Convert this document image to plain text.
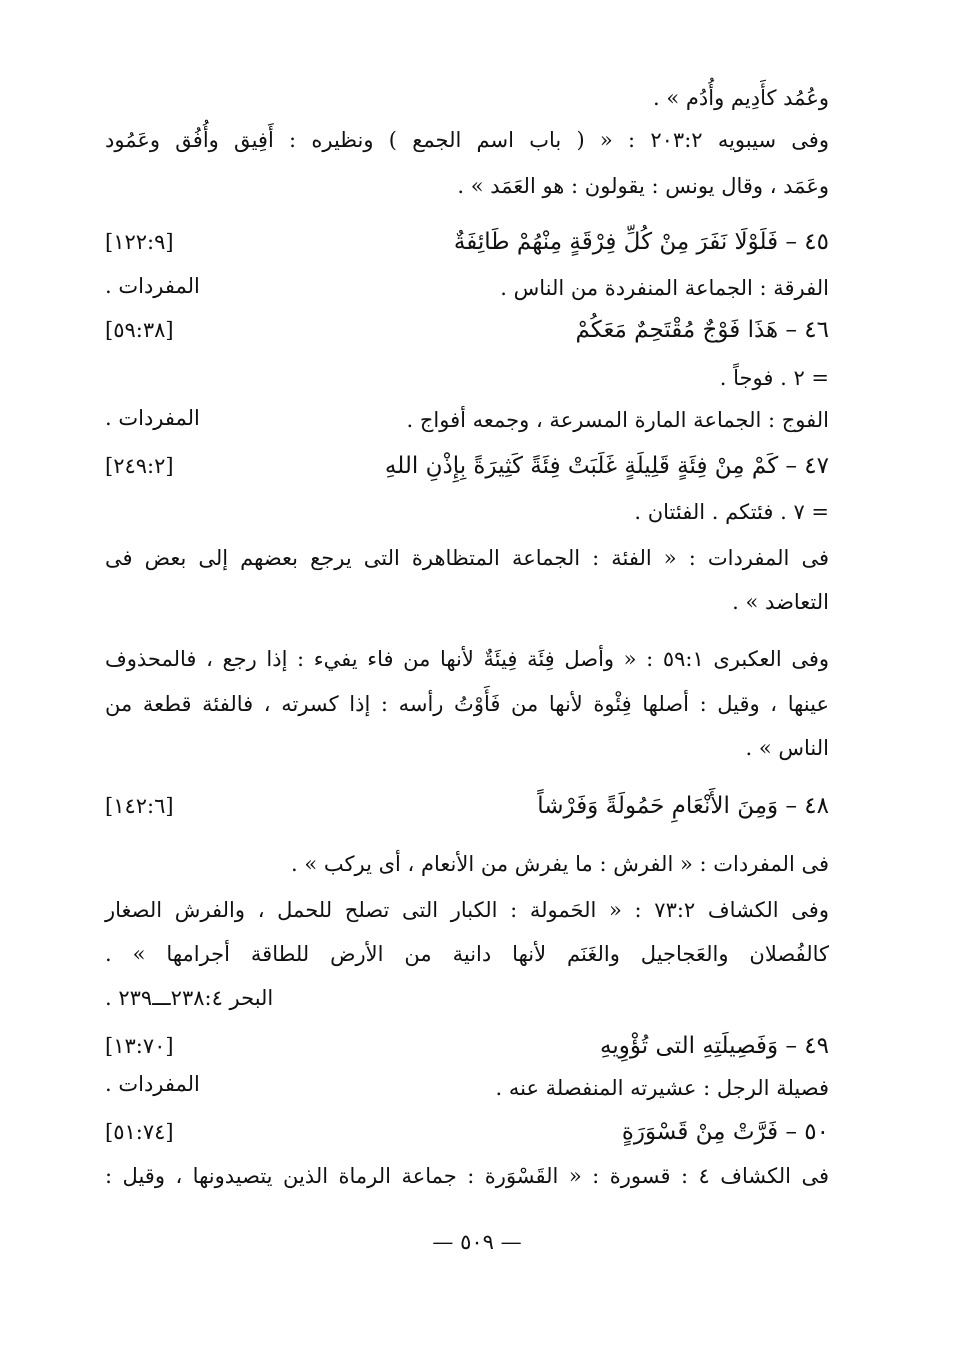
وعُمُد كأَدِيم وأُدُم » .
وفى سيبويه ٢٠٣:٢ : « ( باب اسم الجمع ) ونظيره : أَفِيق وأُفُق وعَمُود
وعَمَد ، وقال يونس : يقولون : هو العَمَد » .
٤٥ – فَلَوْلَا نَفَرَ مِنْ كُلِّ فِرْقَةٍ مِنْهُمْ طَائِفَةٌ
[١٢٢:٩]
الفرقة : الجماعة المنفردة من الناس .
المفردات .
٤٦ – هَذَا فَوْجٌ مُقْتَحِمٌ مَعَكُمْ
[٥٩:٣٨]
= ٢ . فوجاً .
الفوج : الجماعة المارة المسرعة ، وجمعه أفواج .
المفردات .
٤٧ – كَمْ مِنْ فِئَةٍ قَلِيلَةٍ غَلَبَتْ فِئَةً كَثِيرَةً بِإِذْنِ اللهِ
[٢٤٩:٢]
= ٧ . فئتكم . الفئتان .
فى المفردات : « الفئة : الجماعة المتظاهرة التى يرجع بعضهم إلى بعض فى
التعاضد » .
وفى العكبرى ٥٩:١ : « وأصل فِئَة فِيئَةٌ لأنها من فاء يفيء : إذا رجع ، فالمحذوف
عينها ، وقيل : أصلها فِئْوة لأنها من فَأَوْتُ رأسه : إذا كسرته ، فالفئة قطعة من
الناس » .
٤٨ – وَمِنَ الأَنْعَامِ حَمُولَةً وَفَرْشاً
[١٤٢:٦]
فى المفردات : « الفرش : ما يفرش من الأنعام ، أى يركب » .
وفى الكشاف ٧٣:٢ : « الحَمولة : الكبار التى تصلح للحمل ، والفرش الصغار
كالفُصلان والعَجاجيل والغَنَم لأنها دانية من الأرض للطاقة أجرامها » .
البحر ٢٣٨:٤ـــ٢٣٩ .
٤٩ – وَفَصِيلَتِهِ التى تُؤْوِيهِ
[١٣:٧٠]
فصيلة الرجل : عشيرته المنفصلة عنه .
المفردات .
٥٠ – فَرَّتْ مِنْ قَسْوَرَةٍ
[٥١:٧٤]
فى الكشاف ٤ : قسورة : « القَسْوَرة : جماعة الرماة الذين يتصيدونها ، وقيل :
— ٥٠٩ —
